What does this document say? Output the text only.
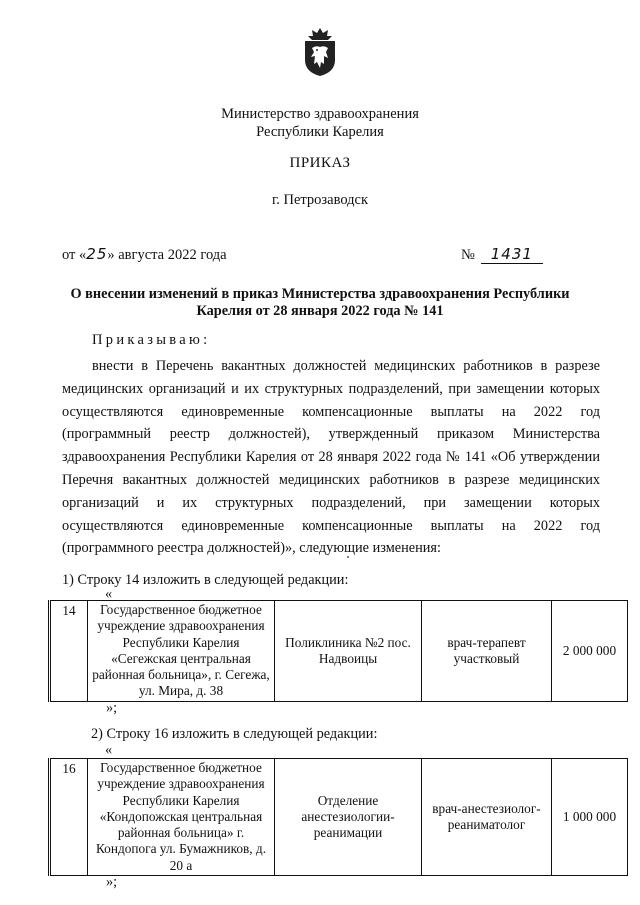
Министерство здравоохранения
Республики Карелия
ПРИКАЗ
г. Петрозаводск
от «25» августа 2022 года	№ 1431
О внесении изменений в приказ Министерства здравоохранения Республики
Карелия от 28 января 2022 года № 141
Приказываю:

внести в Перечень вакантных должностей медицинских работников в разрезе медицинских организаций и их структурных подразделений, при замещении которых осуществляются единовременные компенсационные выплаты на 2022 год (программный реестр должностей), утвержденный приказом Министерства здравоохранения Республики Карелия от 28 января 2022 года № 141 «Об утверждении Перечня вакантных должностей медицинских работников в разрезе медицинских организаций и их структурных подразделений, при замещении которых осуществляются единовременные компенсационные выплаты на 2022 год (программного реестра должностей)», следующие изменения:

1) Строку 14 изложить в следующей редакции:
«
14	Государственное бюджетное учреждение здравоохранения Республики Карелия «Сегежская центральная районная больница», г. Сегежа, ул. Мира, д. 38	Поликлиника №2 пос. Надвоицы	врач-терапевт участковый	2 000 000
»;
2) Строку 16 изложить в следующей редакции:
«
16	Государственное бюджетное учреждение здравоохранения Республики Карелия «Кондопожская центральная районная больница» г. Кондопога ул. Бумажников, д. 20 а	Отделение анестезиологии-реанимации	врач-анестезиолог-реаниматолог	1 000 000
»;
